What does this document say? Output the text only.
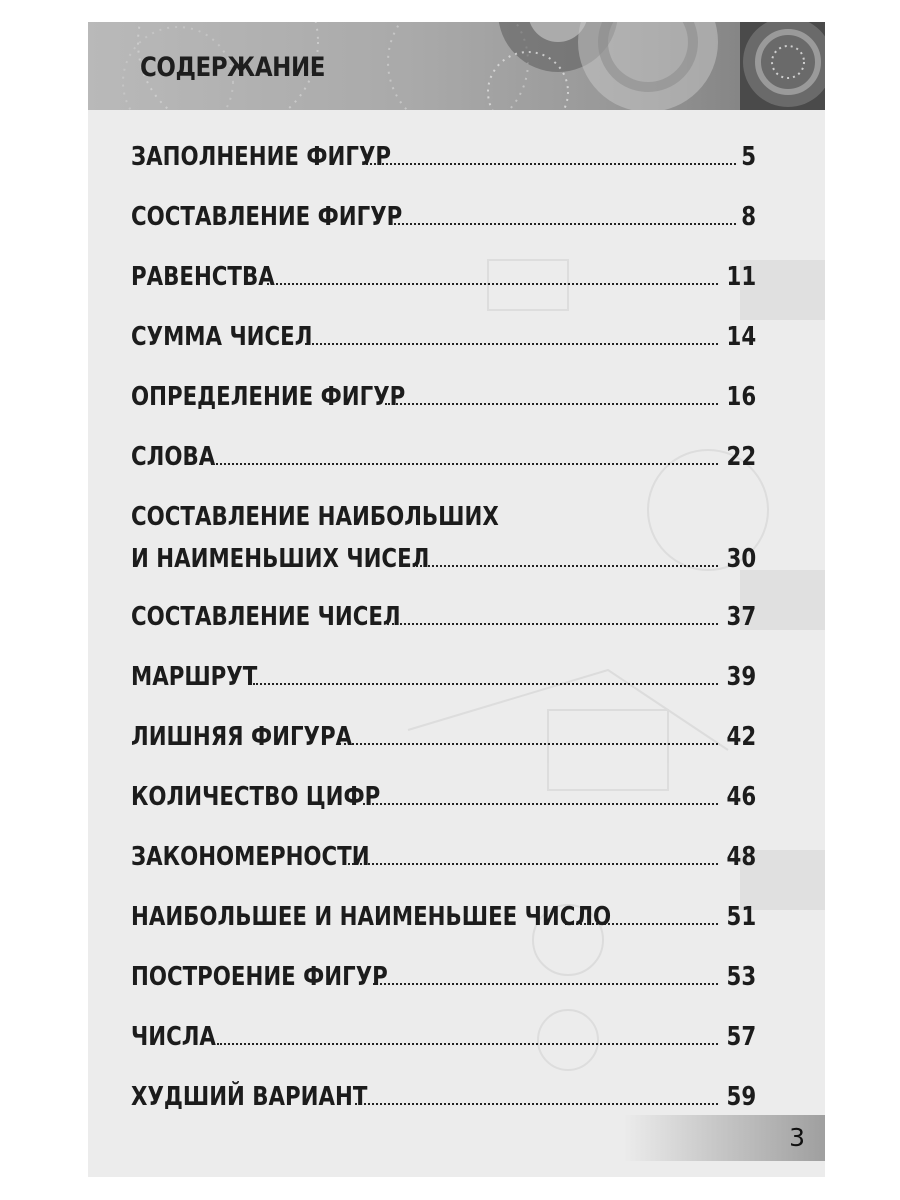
СОДЕРЖАНИЕ
ЗАПОЛНЕНИЕ ФИГУР	5
СОСТАВЛЕНИЕ ФИГУР	8
РАВЕНСТВА	11
СУММА ЧИСЕЛ	14
ОПРЕДЕЛЕНИЕ ФИГУР	16
СЛОВА	22
СОСТАВЛЕНИЕ НАИБОЛЬШИХ
И НАИМЕНЬШИХ ЧИСЕЛ	30
СОСТАВЛЕНИЕ ЧИСЕЛ	37
МАРШРУТ	39
ЛИШНЯЯ ФИГУРА	42
КОЛИЧЕСТВО ЦИФР	46
ЗАКОНОМЕРНОСТИ	48
НАИБОЛЬШЕЕ И НАИМЕНЬШЕЕ ЧИСЛО	51
ПОСТРОЕНИЕ ФИГУР	53
ЧИСЛА	57
ХУДШИЙ ВАРИАНТ	59
3
